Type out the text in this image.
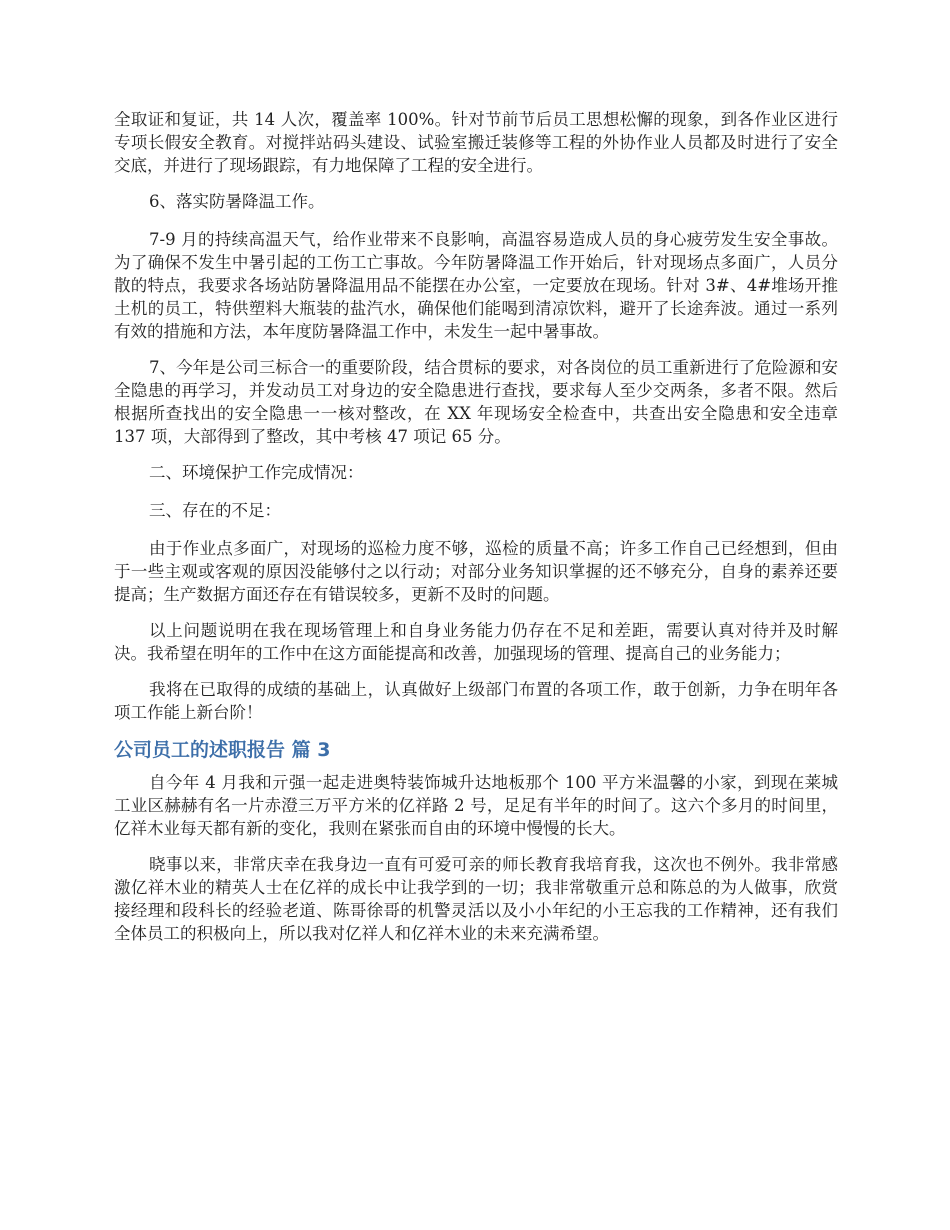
全取证和复证，共 14 人次，覆盖率 100%。针对节前节后员工思想松懈的现象，到各作业区进行专项长假安全教育。对搅拌站码头建设、试验室搬迁装修等工程的外协作业人员都及时进行了安全交底，并进行了现场跟踪，有力地保障了工程的安全进行。

6、落实防暑降温工作。

7-9 月的持续高温天气，给作业带来不良影响，高温容易造成人员的身心疲劳发生安全事故。为了确保不发生中暑引起的工伤工亡事故。今年防暑降温工作开始后，针对现场点多面广，人员分散的特点，我要求各场站防暑降温用品不能摆在办公室，一定要放在现场。针对 3#、4#堆场开推土机的员工，特供塑料大瓶装的盐汽水，确保他们能喝到清凉饮料，避开了长途奔波。通过一系列有效的措施和方法，本年度防暑降温工作中，未发生一起中暑事故。

7、今年是公司三标合一的重要阶段，结合贯标的要求，对各岗位的员工重新进行了危险源和安全隐患的再学习，并发动员工对身边的安全隐患进行查找，要求每人至少交两条，多者不限。然后根据所查找出的安全隐患一一核对整改，在 XX 年现场安全检查中，共查出安全隐患和安全违章 137 项，大部得到了整改，其中考核 47 项记 65 分。

二、环境保护工作完成情况：

三、存在的不足：

由于作业点多面广，对现场的巡检力度不够，巡检的质量不高；许多工作自己已经想到，但由于一些主观或客观的原因没能够付之以行动；对部分业务知识掌握的还不够充分，自身的素养还要提高；生产数据方面还存在有错误较多，更新不及时的问题。

以上问题说明在我在现场管理上和自身业务能力仍存在不足和差距，需要认真对待并及时解决。我希望在明年的工作中在这方面能提高和改善，加强现场的管理、提高自己的业务能力；

我将在已取得的成绩的基础上，认真做好上级部门布置的各项工作，敢于创新，力争在明年各项工作能上新台阶！

公司员工的述职报告 篇 3

自今年 4 月我和亓强一起走进奥特装饰城升达地板那个 100 平方米温馨的小家，到现在莱城工业区赫赫有名一片赤澄三万平方米的亿祥路 2 号，足足有半年的时间了。这六个多月的时间里，亿祥木业每天都有新的变化，我则在紧张而自由的环境中慢慢的长大。

晓事以来，非常庆幸在我身边一直有可爱可亲的师长教育我培育我，这次也不例外。我非常感激亿祥木业的精英人士在亿祥的成长中让我学到的一切；我非常敬重亓总和陈总的为人做事，欣赏接经理和段科长的经验老道、陈哥徐哥的机警灵活以及小小年纪的小王忘我的工作精神，还有我们全体员工的积极向上，所以我对亿祥人和亿祥木业的未来充满希望。
